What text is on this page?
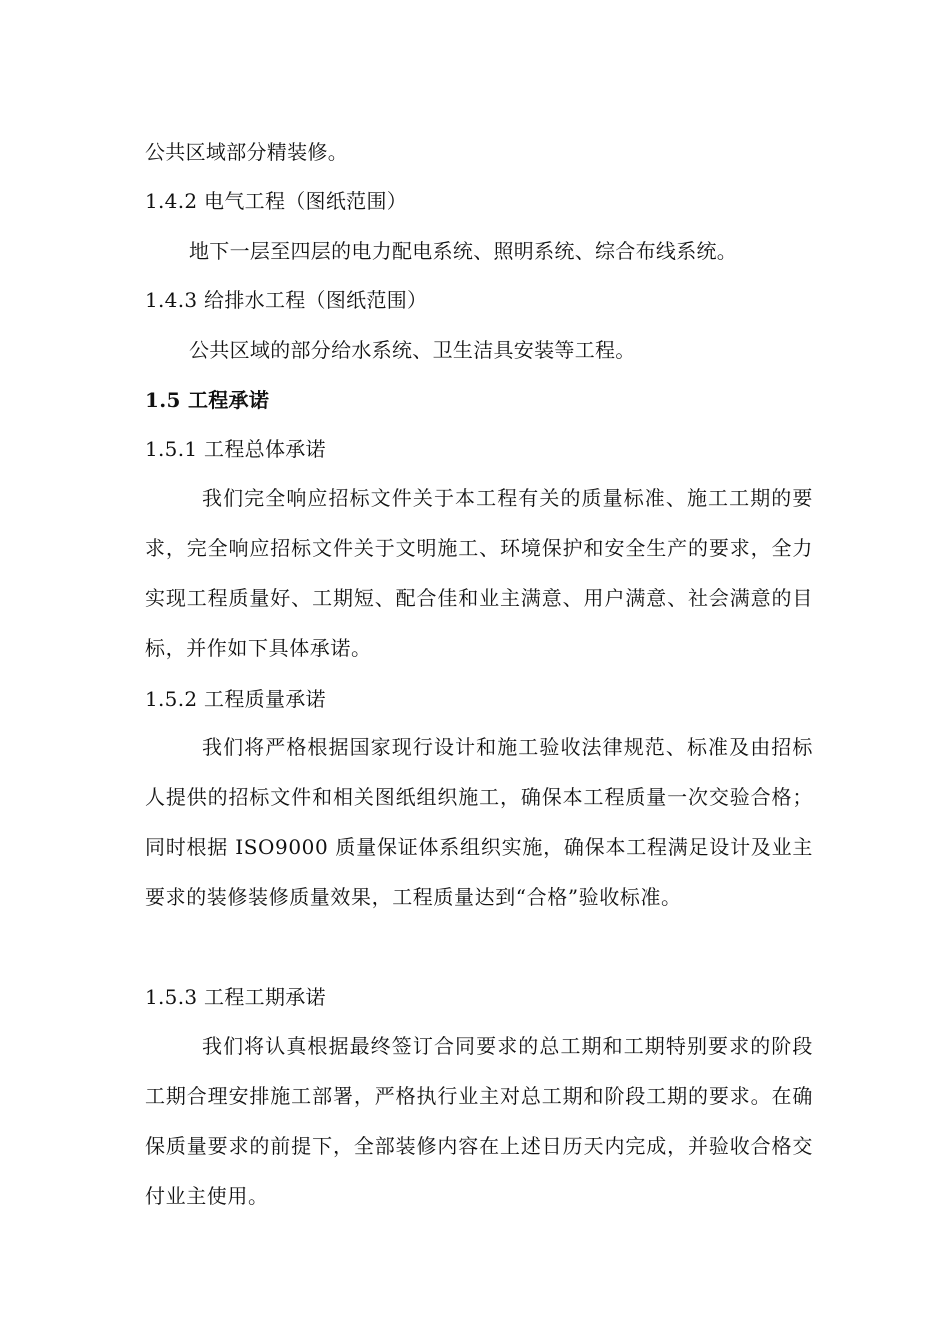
公共区域部分精装修。
1.4.2 电气工程（图纸范围）
地下一层至四层的电力配电系统、照明系统、综合布线系统。
1.4.3 给排水工程（图纸范围）
公共区域的部分给水系统、卫生洁具安装等工程。
1.5 工程承诺
1.5.1 工程总体承诺

我们完全响应招标文件关于本工程有关的质量标准、施工工期的要求，完全响应招标文件关于文明施工、环境保护和安全生产的要求，全力实现工程质量好、工期短、配合佳和业主满意、用户满意、社会满意的目标，并作如下具体承诺。

1.5.2 工程质量承诺

我们将严格根据国家现行设计和施工验收法律规范、标准及由招标人提供的招标文件和相关图纸组织施工，确保本工程质量一次交验合格；同时根据 ISO9000 质量保证体系组织实施，确保本工程满足设计及业主要求的装修装修质量效果，工程质量达到“合格”验收标准。

1.5.3 工程工期承诺

我们将认真根据最终签订合同要求的总工期和工期特别要求的阶段工期合理安排施工部署，严格执行业主对总工期和阶段工期的要求。在确保质量要求的前提下，全部装修内容在上述日历天内完成，并验收合格交付业主使用。
